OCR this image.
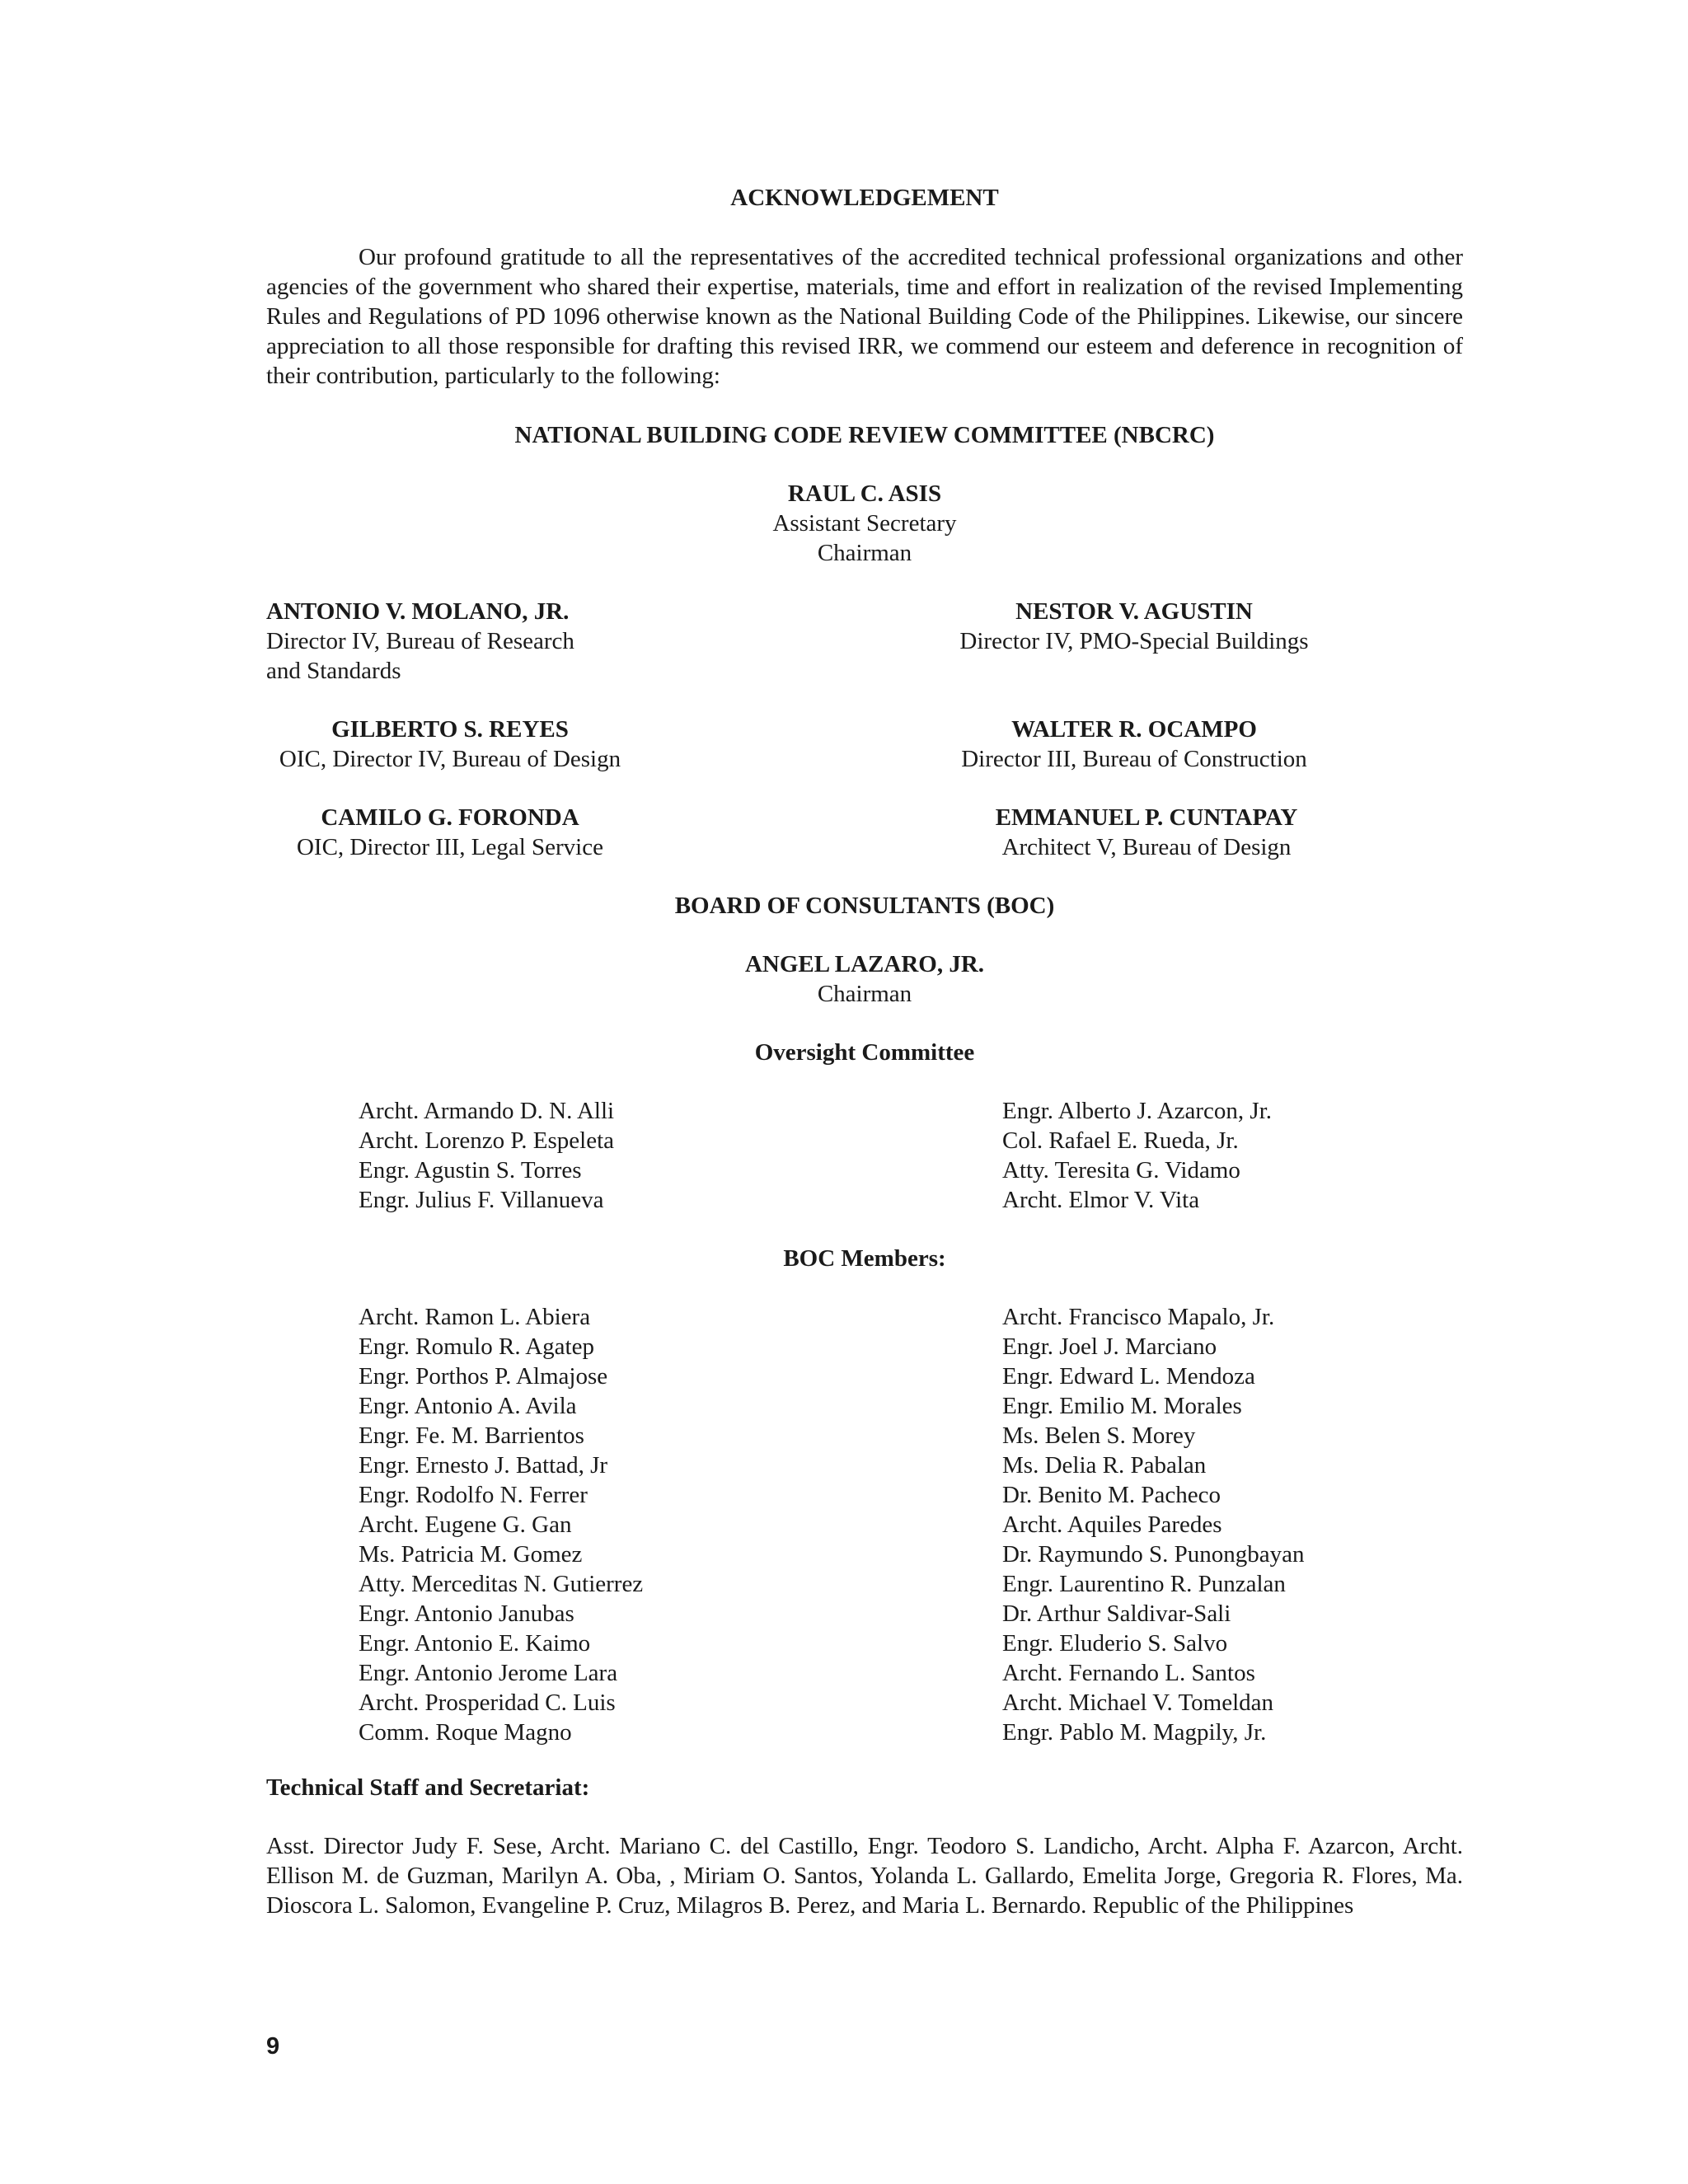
ACKNOWLEDGEMENT

Our profound gratitude to all the representatives of the accredited technical professional organizations and other agencies of the government who shared their expertise, materials, time and effort in realization of the revised Implementing Rules and Regulations of PD 1096 otherwise known as the National Building Code of the Philippines. Likewise, our sincere appreciation to all those responsible for drafting this revised IRR, we commend our esteem and deference in recognition of their contribution, particularly to the following:

NATIONAL BUILDING CODE REVIEW COMMITTEE (NBCRC)
RAUL C. ASIS
Assistant Secretary
Chairman
ANTONIO V. MOLANO, JR.
Director IV, Bureau of Research
and Standards
NESTOR V. AGUSTIN
Director IV, PMO-Special Buildings
GILBERTO S. REYES
OIC, Director IV, Bureau of Design
WALTER R. OCAMPO
Director III, Bureau of Construction
CAMILO G. FORONDA
OIC, Director III, Legal Service
EMMANUEL P. CUNTAPAY
Architect V, Bureau of Design
BOARD OF CONSULTANTS (BOC)
ANGEL LAZARO, JR.
Chairman
Oversight Committee
Archt. Armando D. N. Alli
Archt. Lorenzo P. Espeleta
Engr. Agustin S. Torres
Engr. Julius F. Villanueva
Engr. Alberto J. Azarcon, Jr.
Col. Rafael E. Rueda, Jr.
Atty. Teresita G. Vidamo
Archt. Elmor V. Vita
BOC Members:
Archt. Ramon L. Abiera
Engr. Romulo R. Agatep
Engr. Porthos P. Almajose
Engr. Antonio A. Avila
Engr. Fe. M. Barrientos
Engr. Ernesto J. Battad, Jr
Engr. Rodolfo N. Ferrer
Archt. Eugene G. Gan
Ms. Patricia M. Gomez
Atty. Merceditas N. Gutierrez
Engr. Antonio Janubas
Engr. Antonio E. Kaimo
Engr. Antonio Jerome Lara
Archt. Prosperidad C. Luis
Comm. Roque Magno
Archt. Francisco Mapalo, Jr.
Engr. Joel J. Marciano
Engr. Edward L. Mendoza
Engr. Emilio M. Morales
Ms. Belen S. Morey
Ms. Delia R. Pabalan
Dr. Benito M. Pacheco
Archt. Aquiles Paredes
Dr. Raymundo S. Punongbayan
Engr. Laurentino R. Punzalan
Dr. Arthur Saldivar-Sali
Engr. Eluderio S. Salvo
Archt. Fernando L. Santos
Archt. Michael V. Tomeldan
Engr. Pablo M. Magpily, Jr.
Technical Staff and Secretariat:

Asst. Director Judy F. Sese, Archt. Mariano C. del Castillo, Engr. Teodoro S. Landicho, Archt. Alpha F. Azarcon, Archt. Ellison M. de Guzman, Marilyn A. Oba, , Miriam O. Santos, Yolanda L. Gallardo, Emelita Jorge, Gregoria R. Flores, Ma. Dioscora L. Salomon, Evangeline P. Cruz, Milagros B. Perez, and Maria L. Bernardo. Republic of the Philippines

9
